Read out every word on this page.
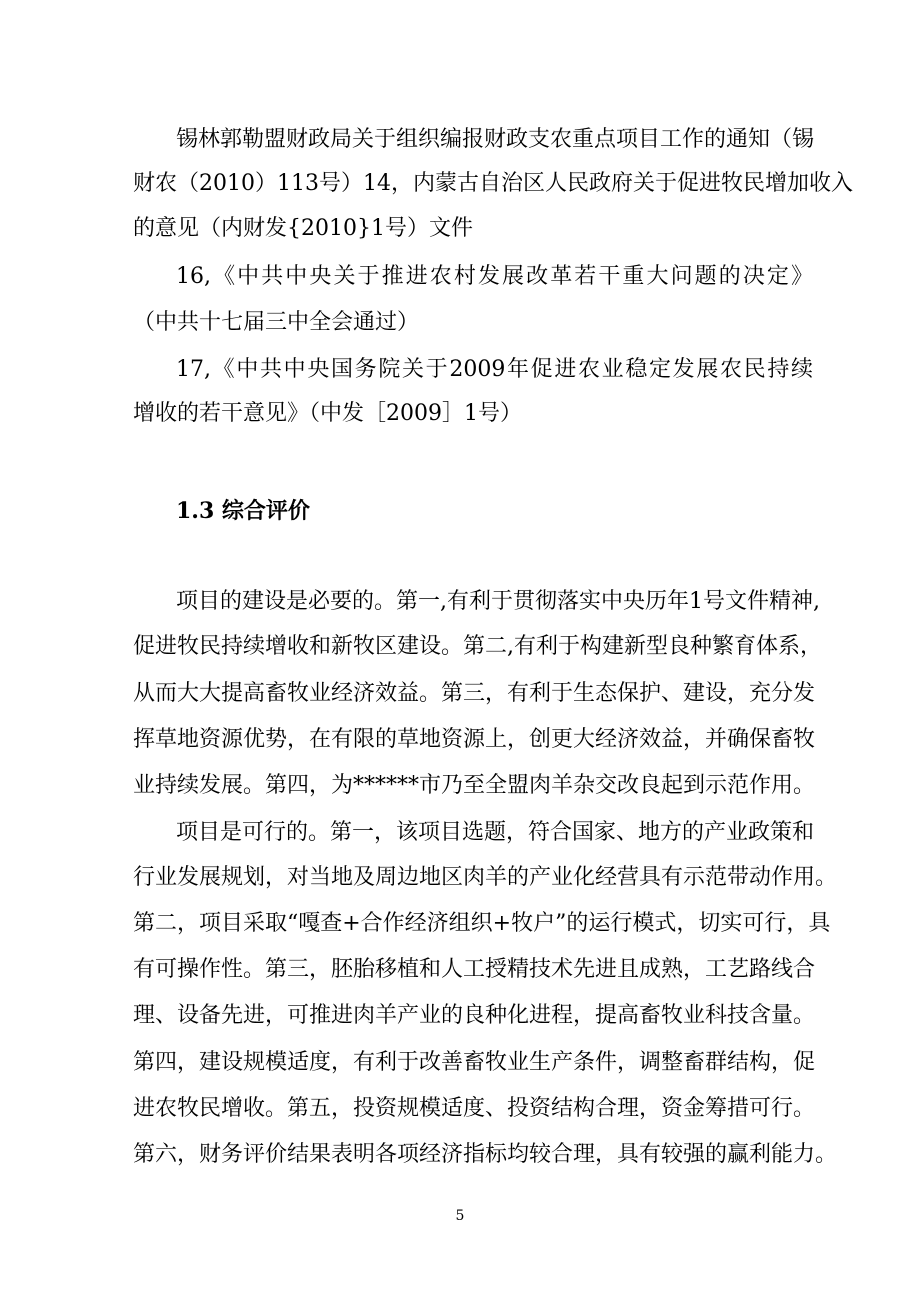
锡林郭勒盟财政局关于组织编报财政支农重点项目工作的通知（锡
财农（2010）113号）14，内蒙古自治区人民政府关于促进牧民增加收入
的意见（内财发{2010}1号）文件
16,《中共中央关于推进农村发展改革若干重大问题的决定》
（中共十七届三中全会通过）
17,《中共中央国务院关于2009年促进农业稳定发展农民持续
增收的若干意见》（中发［2009］1号）
1.3 综合评价
项目的建设是必要的。第一,有利于贯彻落实中央历年1号文件精神,
促进牧民持续增收和新牧区建设。第二,有利于构建新型良种繁育体系，
从而大大提高畜牧业经济效益。第三，有利于生态保护、建设，充分发
挥草地资源优势，在有限的草地资源上，创更大经济效益，并确保畜牧
业持续发展。第四，为******市乃至全盟肉羊杂交改良起到示范作用。
项目是可行的。第一，该项目选题，符合国家、地方的产业政策和
行业发展规划，对当地及周边地区肉羊的产业化经营具有示范带动作用。
第二，项目采取“嘎查+合作经济组织+牧户”的运行模式，切实可行，具
有可操作性。第三，胚胎移植和人工授精技术先进且成熟，工艺路线合
理、设备先进，可推进肉羊产业的良种化进程，提高畜牧业科技含量。
第四，建设规模适度，有利于改善畜牧业生产条件，调整畜群结构，促
进农牧民增收。第五，投资规模适度、投资结构合理，资金筹措可行。
第六，财务评价结果表明各项经济指标均较合理，具有较强的赢利能力。
5
